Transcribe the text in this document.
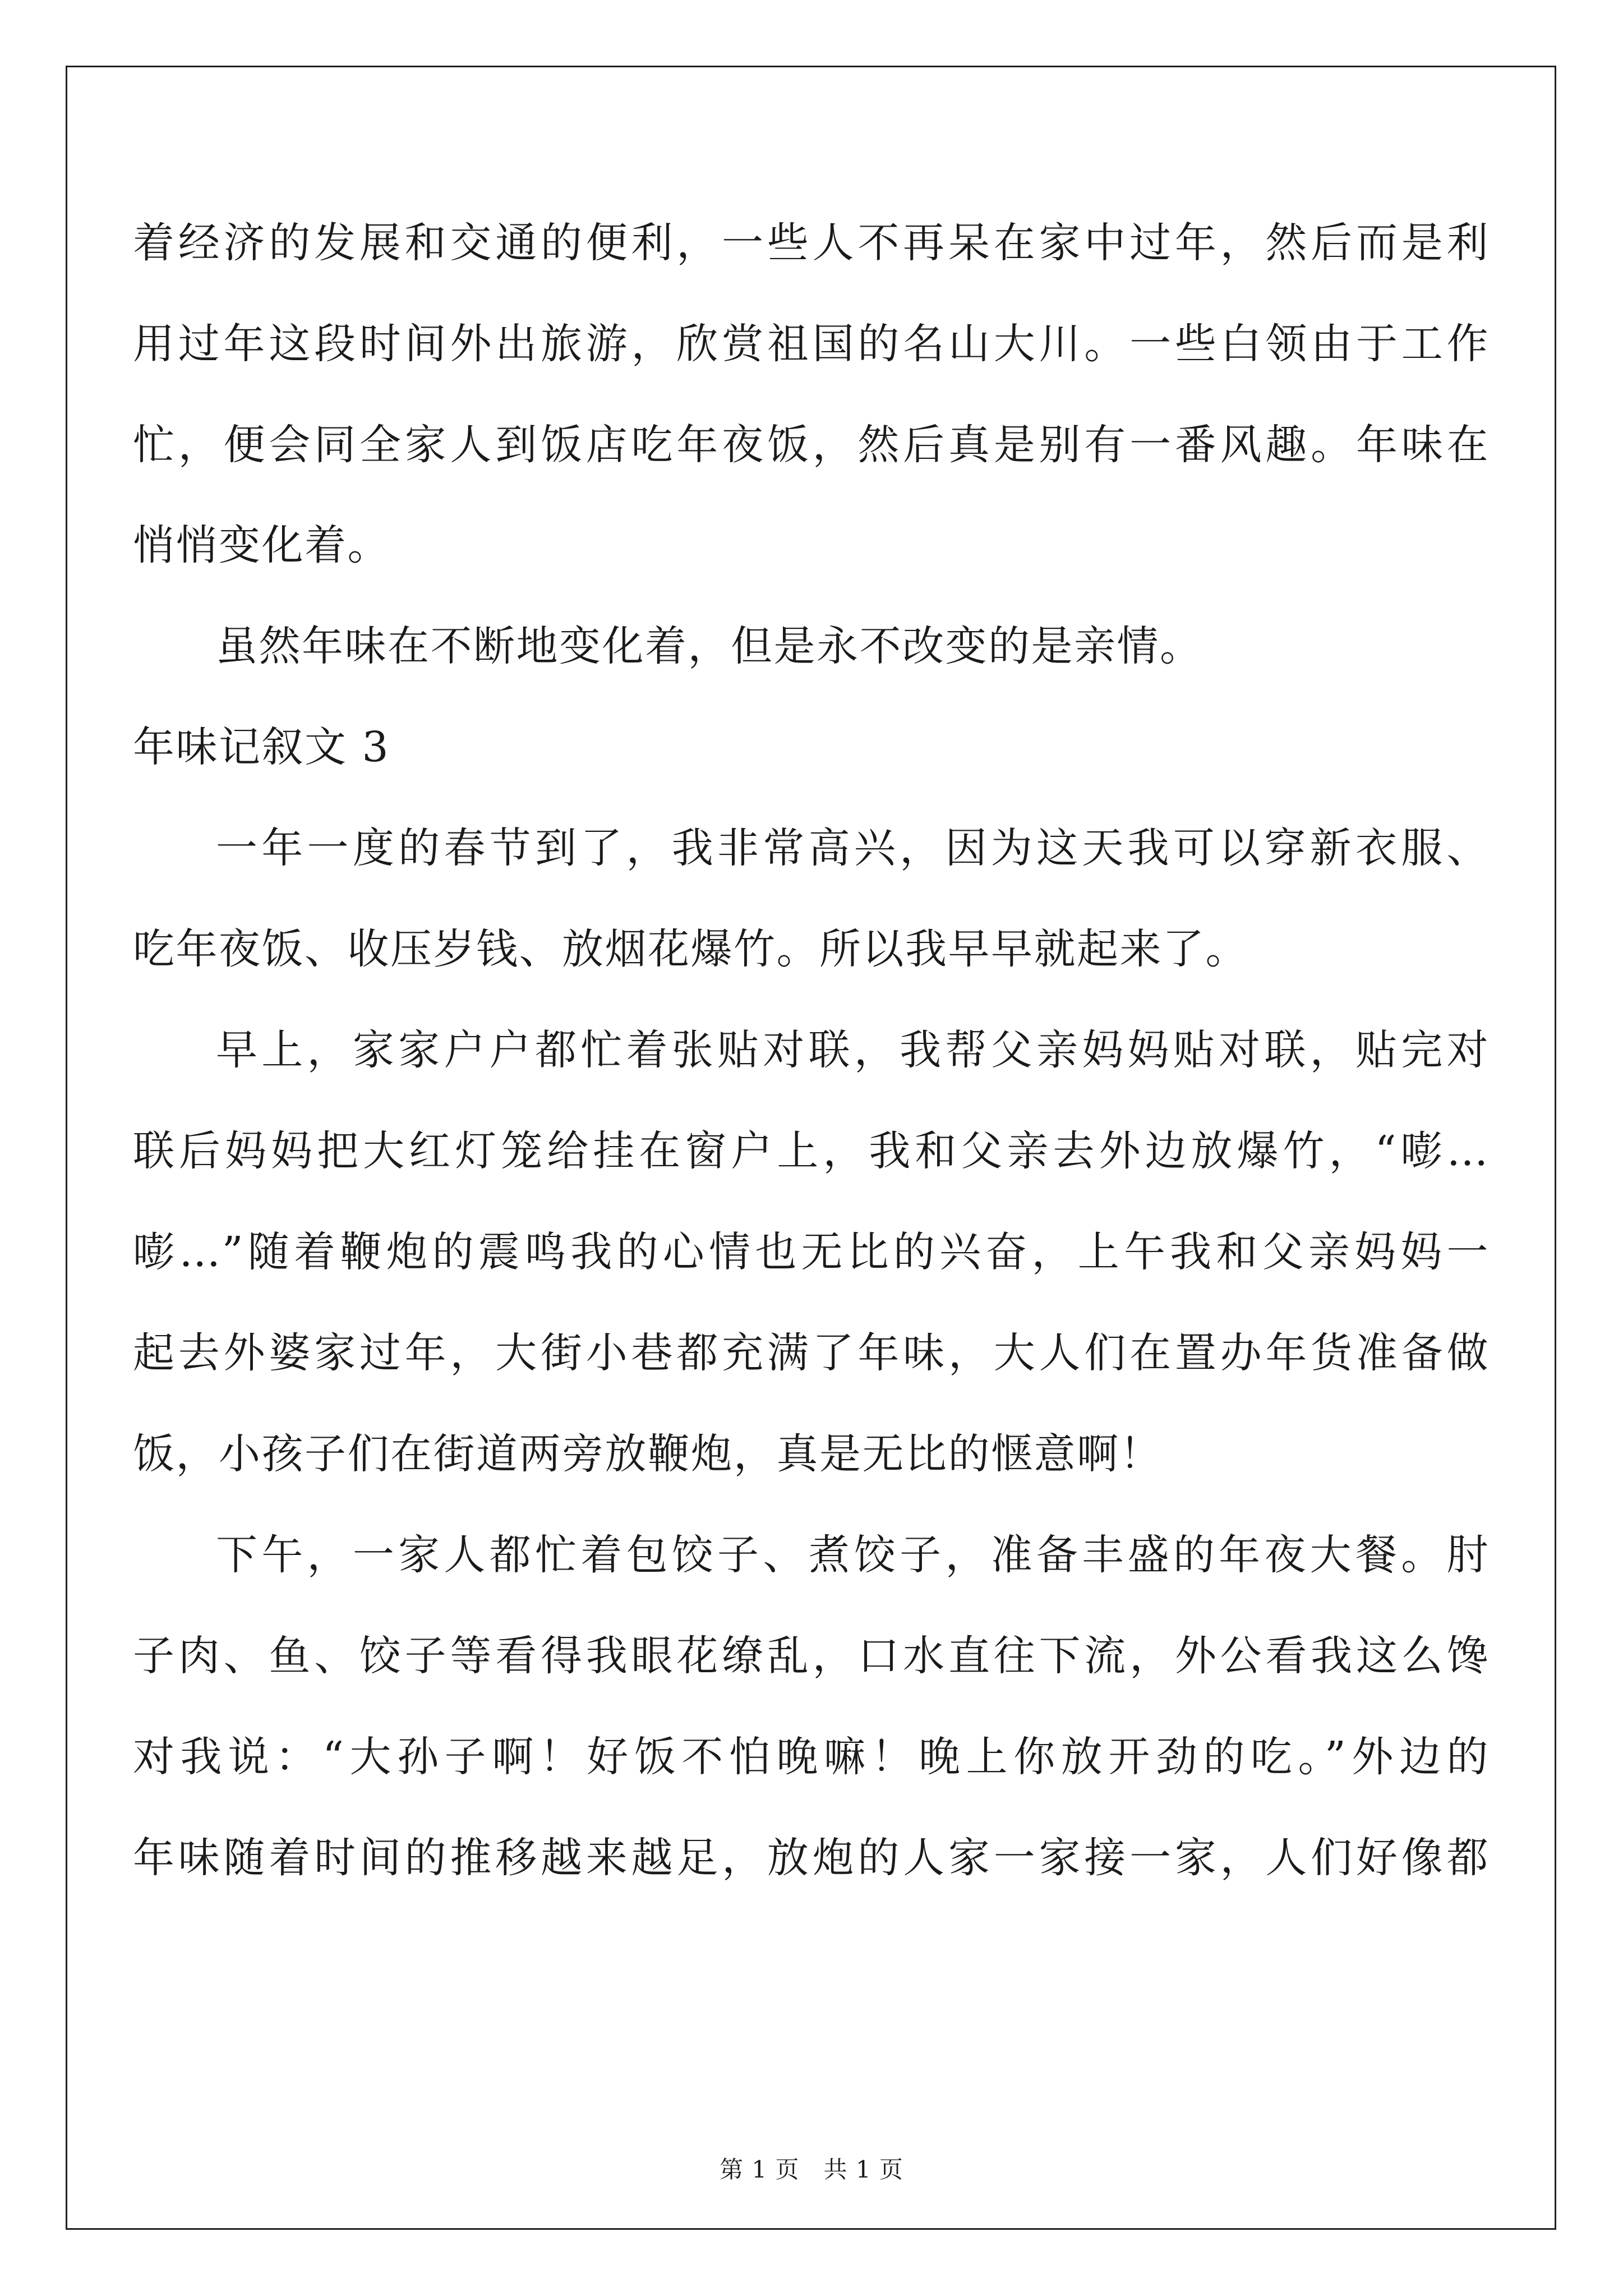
着经济的发展和交通的便利，一些人不再呆在家中过年，然后而是利
用过年这段时间外出旅游，欣赏祖国的名山大川。一些白领由于工作
忙，便会同全家人到饭店吃年夜饭，然后真是别有一番风趣。年味在
悄悄变化着。
虽然年味在不断地变化着，但是永不改变的是亲情。
年味记叙文 3
一年一度的春节到了，我非常高兴，因为这天我可以穿新衣服、
吃年夜饭、收压岁钱、放烟花爆竹。所以我早早就起来了。
早上，家家户户都忙着张贴对联，我帮父亲妈妈贴对联，贴完对
联后妈妈把大红灯笼给挂在窗户上，我和父亲去外边放爆竹，“嘭…
嘭…”随着鞭炮的震鸣我的心情也无比的兴奋，上午我和父亲妈妈一
起去外婆家过年，大街小巷都充满了年味，大人们在置办年货准备做
饭，小孩子们在街道两旁放鞭炮，真是无比的惬意啊！
下午，一家人都忙着包饺子、煮饺子，准备丰盛的年夜大餐。肘
子肉、鱼、饺子等看得我眼花缭乱，口水直往下流，外公看我这么馋
对我说：“大孙子啊！好饭不怕晚嘛！晚上你放开劲的吃。”外边的
年味随着时间的推移越来越足，放炮的人家一家接一家，人们好像都
第 1 页　共 1 页
